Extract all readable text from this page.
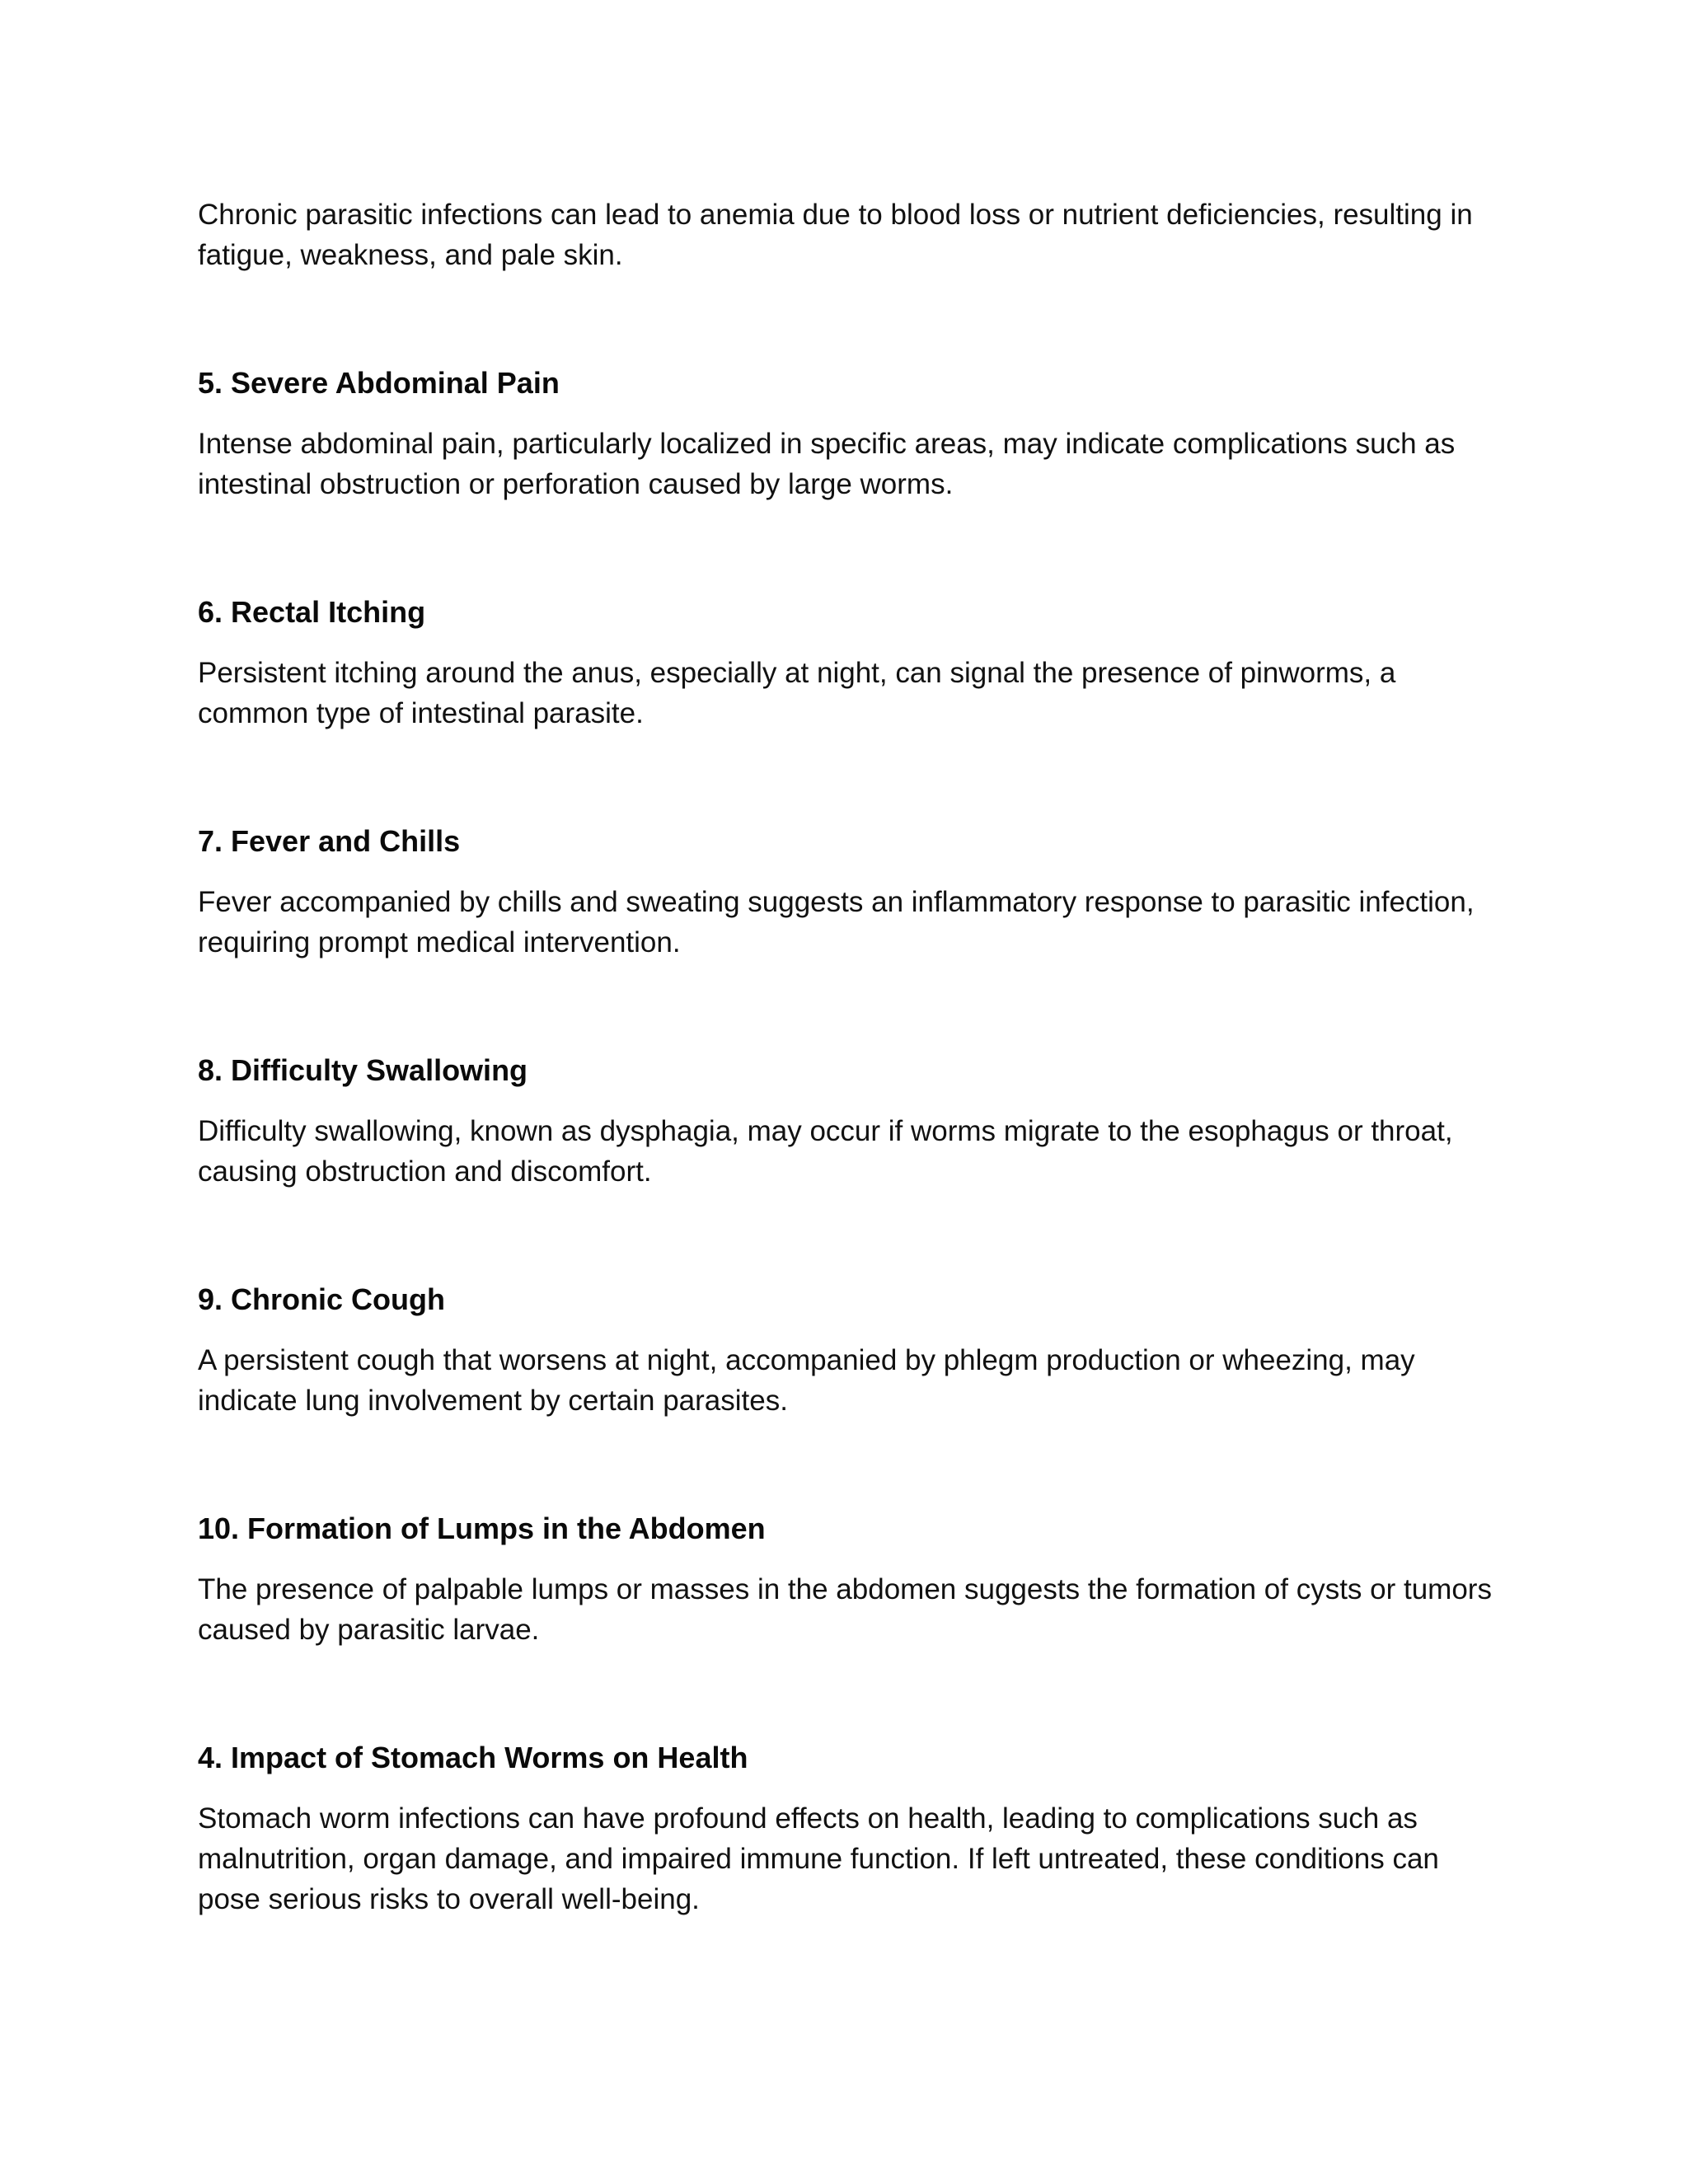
Chronic parasitic infections can lead to anemia due to blood loss or nutrient deficiencies, resulting in fatigue, weakness, and pale skin.

5. Severe Abdominal Pain

Intense abdominal pain, particularly localized in specific areas, may indicate complications such as intestinal obstruction or perforation caused by large worms.

6. Rectal Itching

Persistent itching around the anus, especially at night, can signal the presence of pinworms, a common type of intestinal parasite.

7. Fever and Chills

Fever accompanied by chills and sweating suggests an inflammatory response to parasitic infection, requiring prompt medical intervention.

8. Difficulty Swallowing

Difficulty swallowing, known as dysphagia, may occur if worms migrate to the esophagus or throat, causing obstruction and discomfort.

9. Chronic Cough

A persistent cough that worsens at night, accompanied by phlegm production or wheezing, may indicate lung involvement by certain parasites.

10. Formation of Lumps in the Abdomen

The presence of palpable lumps or masses in the abdomen suggests the formation of cysts or tumors caused by parasitic larvae.

4. Impact of Stomach Worms on Health

Stomach worm infections can have profound effects on health, leading to complications such as malnutrition, organ damage, and impaired immune function. If left untreated, these conditions can pose serious risks to overall well-being.
